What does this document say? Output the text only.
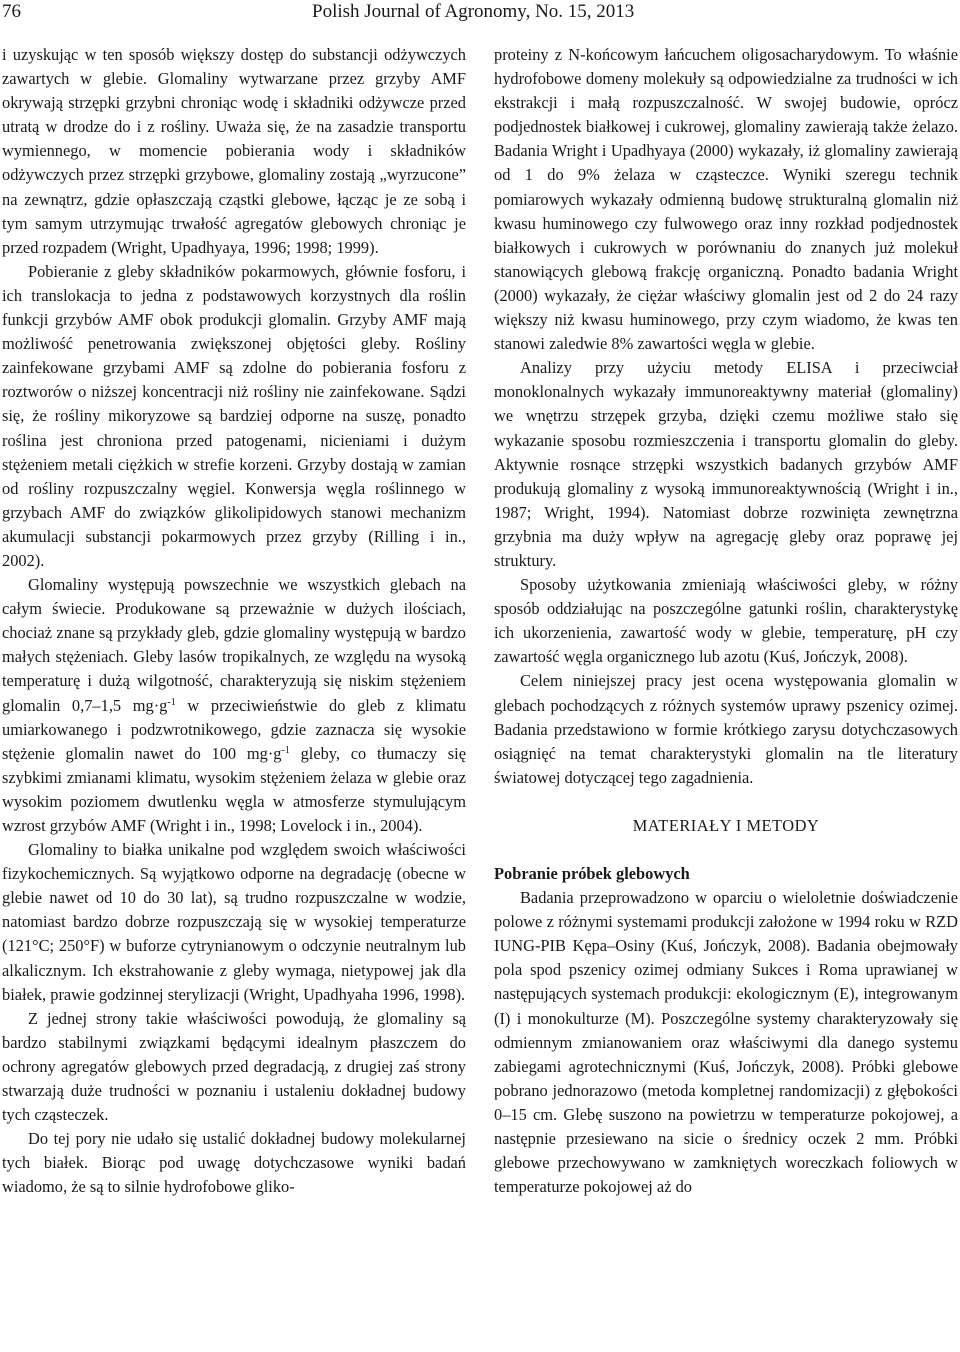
76	Polish Journal of Agronomy, No. 15, 2013

i uzyskując w ten sposób większy dostęp do substancji odżywczych zawartych w glebie. Glomaliny wytwarzane przez grzyby AMF okrywają strzępki grzybni chroniąc wodę i składniki odżywcze przed utratą w drodze do i z rośliny. Uważa się, że na zasadzie transportu wymiennego, w momencie pobierania wody i składników odżywczych przez strzępki grzybowe, glomaliny zostają „wyrzucone” na zewnątrz, gdzie opłaszczają cząstki glebowe, łącząc je ze sobą i tym samym utrzymując trwałość agregatów glebowych chroniąc je przed rozpadem (Wright, Upadhyaya, 1996; 1998; 1999).

Pobieranie z gleby składników pokarmowych, głównie fosforu, i ich translokacja to jedna z podstawowych korzystnych dla roślin funkcji grzybów AMF obok produkcji glomalin. Grzyby AMF mają możliwość penetrowania zwiększonej objętości gleby. Rośliny zainfekowane grzybami AMF są zdolne do pobierania fosforu z roztworów o niższej koncentracji niż rośliny nie zainfekowane. Sądzi się, że rośliny mikoryzowe są bardziej odporne na suszę, ponadto roślina jest chroniona przed patogenami, nicieniami i dużym stężeniem metali ciężkich w strefie korzeni. Grzyby dostają w zamian od rośliny rozpuszczalny węgiel. Konwersja węgla roślinnego w grzybach AMF do związków glikolipidowych stanowi mechanizm akumulacji substancji pokarmowych przez grzyby (Rilling i in., 2002).

Glomaliny występują powszechnie we wszystkich glebach na całym świecie. Produkowane są przeważnie w dużych ilościach, chociaż znane są przykłady gleb, gdzie glomaliny występują w bardzo małych stężeniach. Gleby lasów tropikalnych, ze względu na wysoką temperaturę i dużą wilgotność, charakteryzują się niskim stężeniem glomalin 0,7–1,5 $mg\cdot g^{-1}$ w przeciwieństwie do gleb z klimatu umiarkowanego i podzwrotnikowego, gdzie zaznacza się wysokie stężenie glomalin nawet do 100 $mg\cdot g^{-1}$ gleby, co tłumaczy się szybkimi zmianami klimatu, wysokim stężeniem żelaza w glebie oraz wysokim poziomem dwutlenku węgla w atmosferze stymulującym wzrost grzybów AMF (Wright i in., 1998; Lovelock i in., 2004).

Glomaliny to białka unikalne pod względem swoich właściwości fizykochemicznych. Są wyjątkowo odporne na degradację (obecne w glebie nawet od 10 do 30 lat), są trudno rozpuszczalne w wodzie, natomiast bardzo dobrze rozpuszczają się w wysokiej temperaturze (121°C; 250°F) w buforze cytrynianowym o odczynie neutralnym lub alkalicznym. Ich ekstrahowanie z gleby wymaga, nietypowej jak dla białek, prawie godzinnej sterylizacji (Wright, Upadhyaha 1996, 1998).

Z jednej strony takie właściwości powodują, że glomaliny są bardzo stabilnymi związkami będącymi idealnym płaszczem do ochrony agregatów glebowych przed degradacją, z drugiej zaś strony stwarzają duże trudności w poznaniu i ustaleniu dokładnej budowy tych cząsteczek.

Do tej pory nie udało się ustalić dokładnej budowy molekularnej tych białek. Biorąc pod uwagę dotychczasowe wyniki badań wiadomo, że są to silnie hydrofobowe gliko-

proteiny z N-końcowym łańcuchem oligosacharydowym. To właśnie hydrofobowe domeny molekuły są odpowiedzialne za trudności w ich ekstrakcji i małą rozpuszczalność. W swojej budowie, oprócz podjednostek białkowej i cukrowej, glomaliny zawierają także żelazo. Badania Wright i Upadhyaya (2000) wykazały, iż glomaliny zawierają od 1 do 9% żelaza w cząsteczce. Wyniki szeregu technik pomiarowych wykazały odmienną budowę strukturalną glomalin niż kwasu huminowego czy fulwowego oraz inny rozkład podjednostek białkowych i cukrowych w porównaniu do znanych już molekuł stanowiących glebową frakcję organiczną. Ponadto badania Wright (2000) wykazały, że ciężar właściwy glomalin jest od 2 do 24 razy większy niż kwasu huminowego, przy czym wiadomo, że kwas ten stanowi zaledwie 8% zawartości węgla w glebie.

Analizy przy użyciu metody ELISA i przeciwciał monoklonalnych wykazały immunoreaktywny materiał (glomaliny) we wnętrzu strzępek grzyba, dzięki czemu możliwe stało się wykazanie sposobu rozmieszczenia i transportu glomalin do gleby. Aktywnie rosnące strzępki wszystkich badanych grzybów AMF produkują glomaliny z wysoką immunoreaktywnością (Wright i in., 1987; Wright, 1994). Natomiast dobrze rozwinięta zewnętrzna grzybnia ma duży wpływ na agregację gleby oraz poprawę jej struktury.

Sposoby użytkowania zmieniają właściwości gleby, w różny sposób oddziałując na poszczególne gatunki roślin, charakterystykę ich ukorzenienia, zawartość wody w glebie, temperaturę, pH czy zawartość węgla organicznego lub azotu (Kuś, Jończyk, 2008).

Celem niniejszej pracy jest ocena występowania glomalin w glebach pochodzących z różnych systemów uprawy pszenicy ozimej. Badania przedstawiono w formie krótkiego zarysu dotychczasowych osiągnięć na temat charakterystyki glomalin na tle literatury światowej dotyczącej tego zagadnienia.

MATERIAŁY I METODY
Pobranie próbek glebowych

Badania przeprowadzono w oparciu o wieloletnie doświadczenie polowe z różnymi systemami produkcji założone w 1994 roku w RZD IUNG-PIB Kępa–Osiny (Kuś, Jończyk, 2008). Badania obejmowały pola spod pszenicy ozimej odmiany Sukces i Roma uprawianej w następujących systemach produkcji: ekologicznym (E), integrowanym (I) i monokulturze (M). Poszczególne systemy charakteryzowały się odmiennym zmianowaniem oraz właściwymi dla danego systemu zabiegami agrotechnicznymi (Kuś, Jończyk, 2008). Próbki glebowe pobrano jednorazowo (metoda kompletnej randomizacji) z głębokości 0–15 cm. Glebę suszono na powietrzu w temperaturze pokojowej, a następnie przesiewano na sicie o średnicy oczek 2 mm. Próbki glebowe przechowywano w zamkniętych woreczkach foliowych w temperaturze pokojowej aż do
